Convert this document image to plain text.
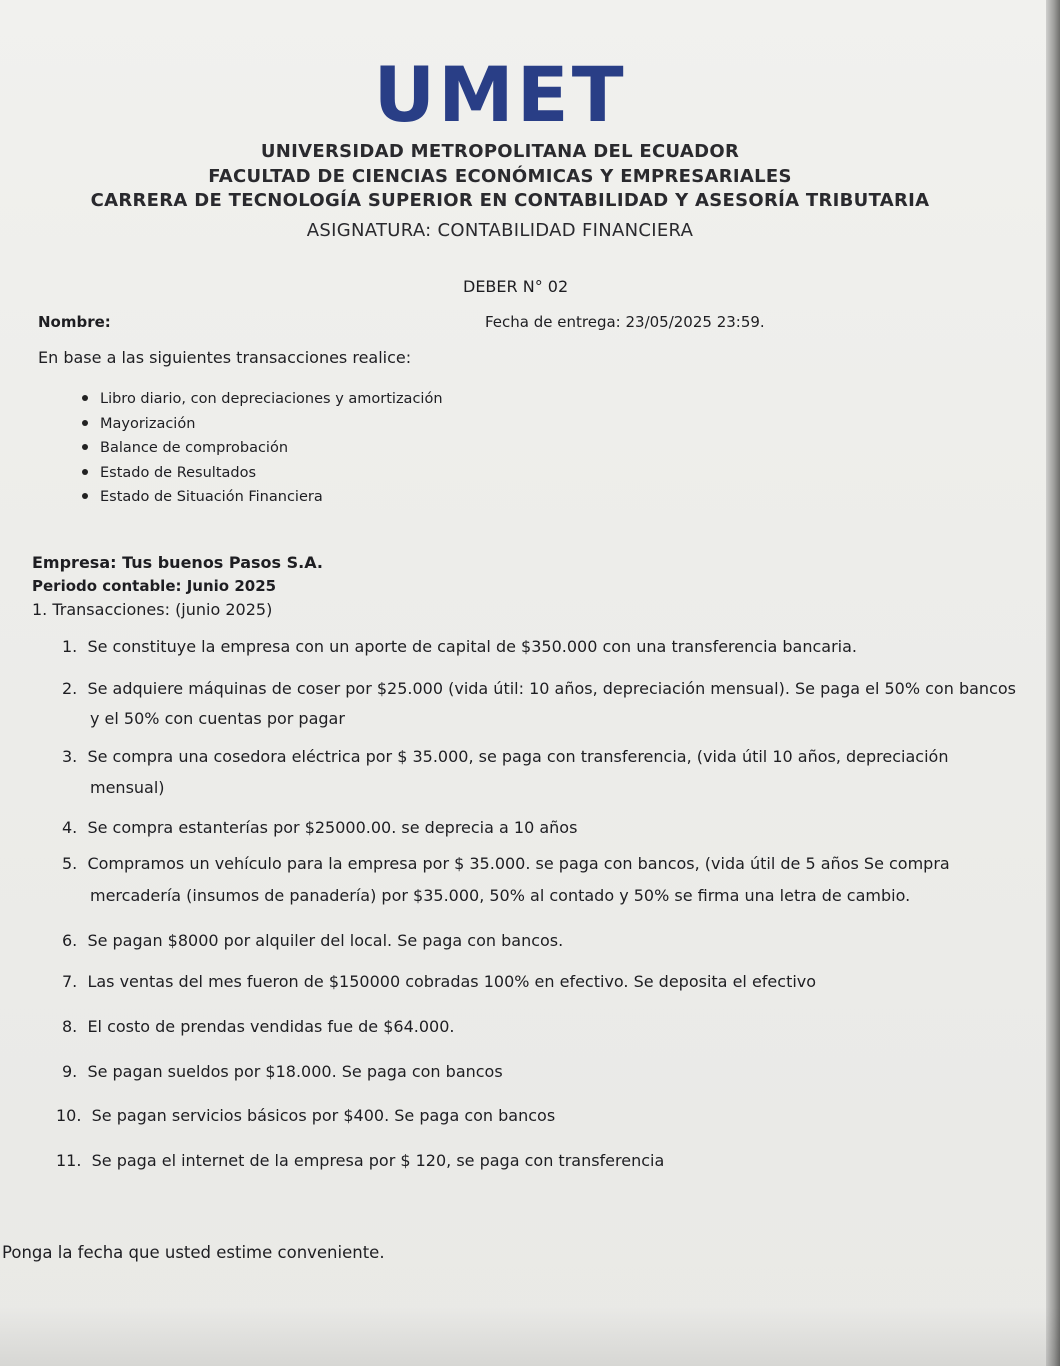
UMET
UNIVERSIDAD METROPOLITANA DEL ECUADOR
FACULTAD DE CIENCIAS ECONÓMICAS Y EMPRESARIALES
CARRERA DE TECNOLOGÍA SUPERIOR EN CONTABILIDAD Y ASESORÍA TRIBUTARIA
ASIGNATURA: CONTABILIDAD FINANCIERA
DEBER N° 02
Nombre:	Fecha de entrega: 23/05/2025 23:59.
En base a las siguientes transacciones realice:
Libro diario, con depreciaciones y amortización
Mayorización
Balance de comprobación
Estado de Resultados
Estado de Situación Financiera
Empresa: Tus buenos Pasos S.A.
Periodo contable: Junio 2025
1. Transacciones: (junio 2025)
1. Se constituye la empresa con un aporte de capital de $350.000 con una transferencia bancaria.
2. Se adquiere máquinas de coser por $25.000 (vida útil: 10 años, depreciación mensual). Se paga el 50% con bancos
y el 50% con cuentas por pagar
3. Se compra una cosedora eléctrica por $ 35.000, se paga con transferencia, (vida útil 10 años, depreciación
mensual)
4. Se compra estanterías por $25000.00. se deprecia a 10 años
5. Compramos un vehículo para la empresa por $ 35.000. se paga con bancos, (vida útil de 5 años Se compra
mercadería (insumos de panadería) por $35.000, 50% al contado y 50% se firma una letra de cambio.
6. Se pagan $8000 por alquiler del local. Se paga con bancos.
7. Las ventas del mes fueron de $150000 cobradas 100% en efectivo. Se deposita el efectivo
8. El costo de prendas vendidas fue de $64.000.
9. Se pagan sueldos por $18.000. Se paga con bancos
10. Se pagan servicios básicos por $400. Se paga con bancos
11. Se paga el internet de la empresa por $ 120, se paga con transferencia
Ponga la fecha que usted estime conveniente.
